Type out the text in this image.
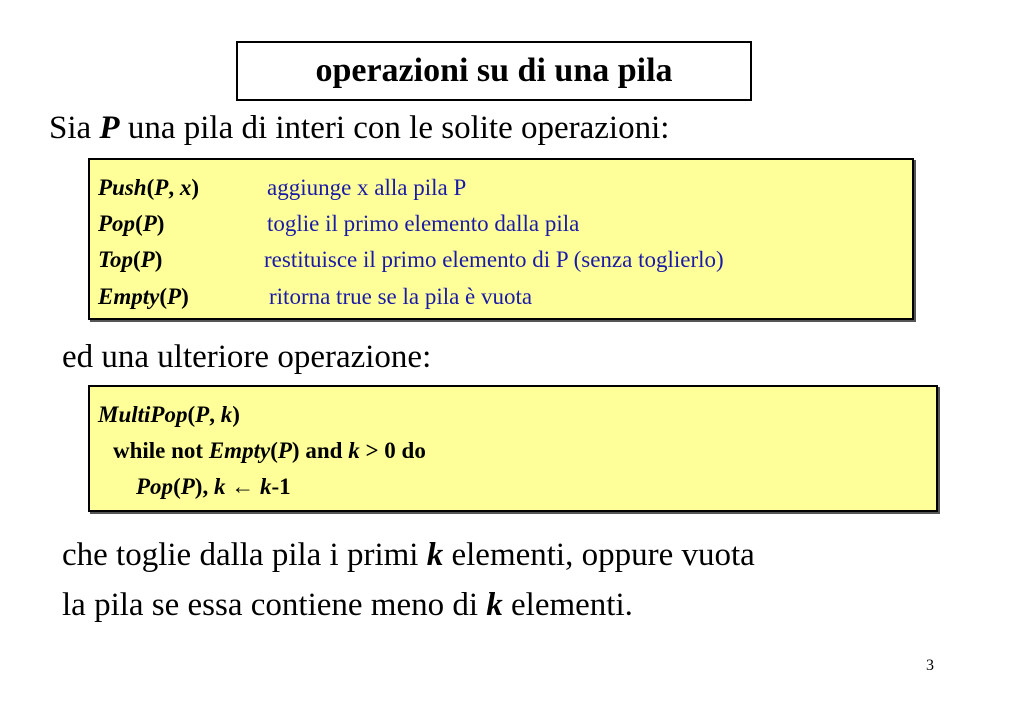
operazioni su di una pila
Sia P una pila di interi con le solite operazioni:
Push(P, x)	aggiunge x alla pila P
Pop(P)	toglie il primo elemento dalla pila
Top(P)	restituisce il primo elemento di P (senza toglierlo)
Empty(P)	ritorna true se la pila è vuota
ed una ulteriore operazione:
MultiPop(P, k)
while not Empty(P) and k > 0 do
Pop(P), k ← k-1
che toglie dalla pila i primi k elementi, oppure vuota
la pila se essa contiene meno di k elementi.
3
